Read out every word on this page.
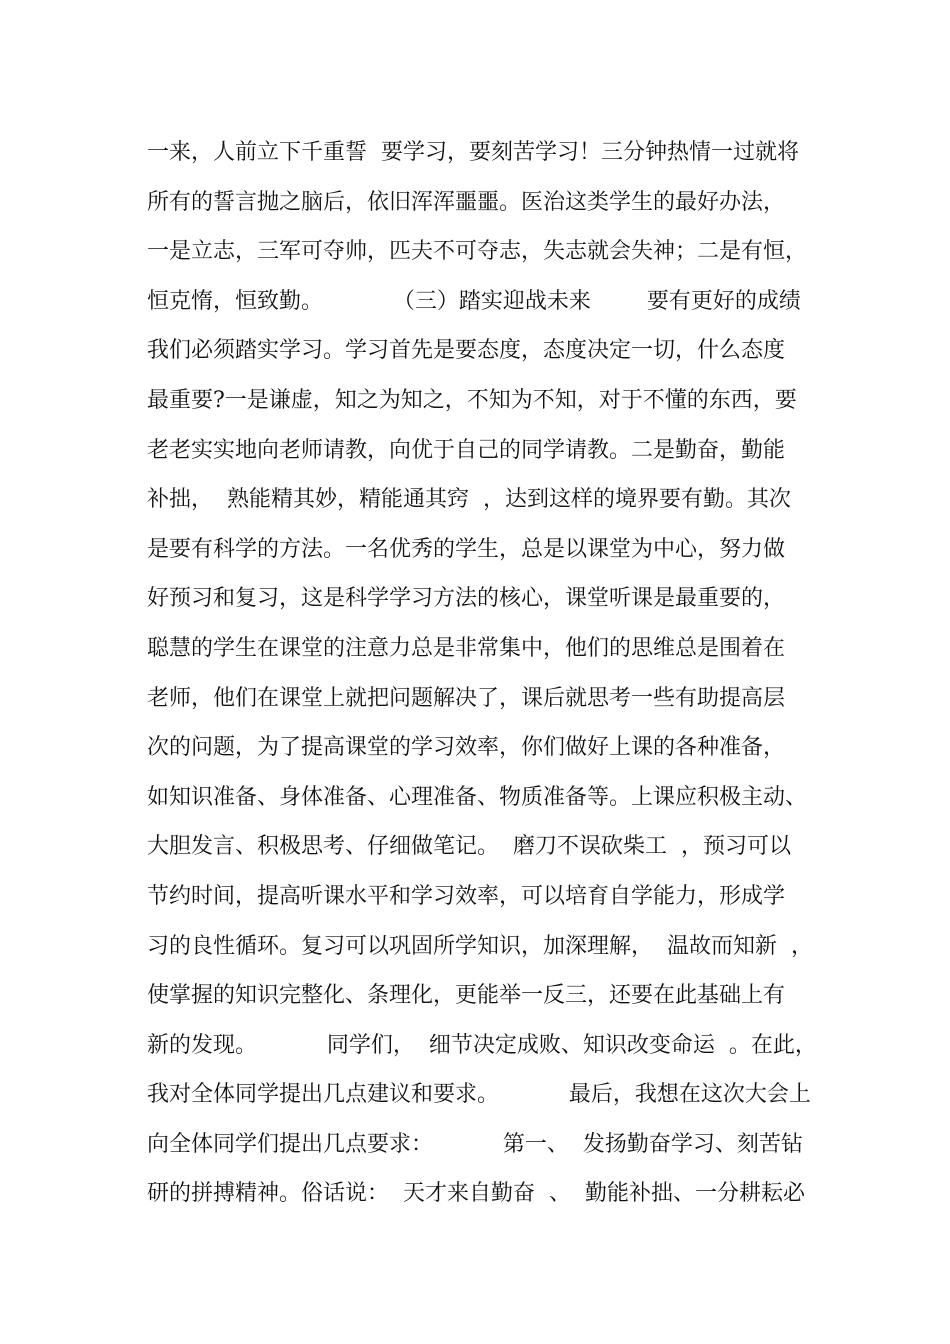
一来，人前立下千重誓  要学习，要刻苦学习！三分钟热情一过就将
所有的誓言抛之脑后，依旧浑浑噩噩。医治这类学生的最好办法，
一是立志，三军可夺帅，匹夫不可夺志，失志就会失神；二是有恒，
恒克惰，恒致勤。          （三）踏实迎战未来        要有更好的成绩
我们必须踏实学习。学习首先是要态度，态度决定一切，什么态度
最重要?一是谦虚，知之为知之，不知为不知，对于不懂的东西，要
老老实实地向老师请教，向优于自己的同学请教。二是勤奋，勤能
补拙，  熟能精其妙，精能通其窍  ，达到这样的境界要有勤。其次
是要有科学的方法。一名优秀的学生，总是以课堂为中心，努力做
好预习和复习，这是科学学习方法的核心，课堂听课是最重要的，
聪慧的学生在课堂的注意力总是非常集中，他们的思维总是围着在
老师，他们在课堂上就把问题解决了，课后就思考一些有助提高层
次的问题，为了提高课堂的学习效率，你们做好上课的各种准备，
如知识准备、身体准备、心理准备、物质准备等。上课应积极主动、
大胆发言、积极思考、仔细做笔记。  磨刀不误砍柴工  ，预习可以
节约时间，提高听课水平和学习效率，可以培育自学能力，形成学
习的良性循环。复习可以巩固所学知识，加深理解，  温故而知新  ，
使掌握的知识完整化、条理化，更能举一反三，还要在此基础上有
新的发现。          同学们，  细节决定成败、知识改变命运  。在此，
我对全体同学提出几点建议和要求。          最后，我想在这次大会上
向全体同学们提出几点要求：          第一、  发扬勤奋学习、刻苦钻
研的拼搏精神。俗话说：  天才来自勤奋  、  勤能补拙、一分耕耘必
